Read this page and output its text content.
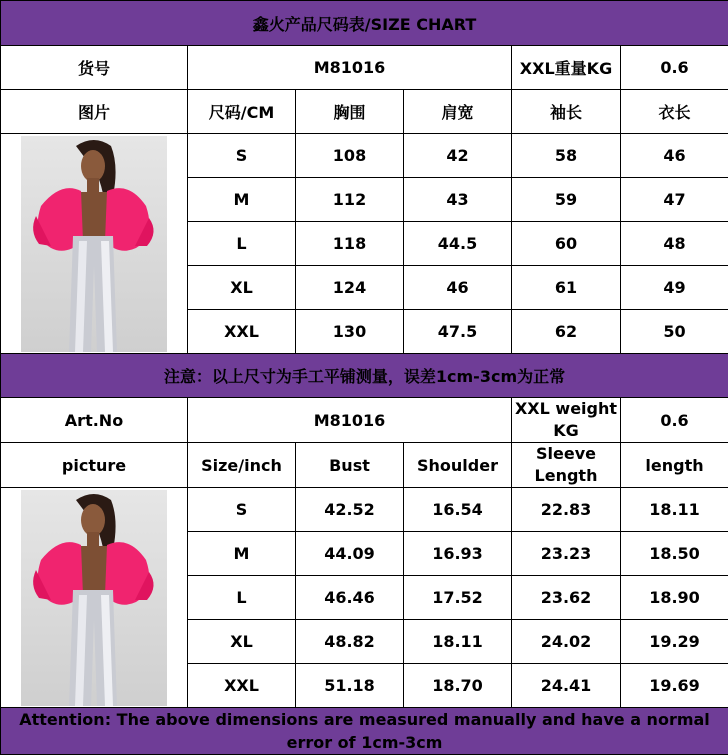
鑫火产品尺码表/SIZE CHART					
货号	M81016			XXL重量KG	0.6
图片	尺码/CM	胸围	肩宽	袖长	衣长

	S	108	42	58	46
	M	112	43	59	47
	L	118	44.5	60	48
	XL	124	46	61	49
	XXL	130	47.5	62	50
注意：以上尺寸为手工平铺测量，误差1cm-3cm为正常					
Art.No	M81016			XXL weight KG	0.6
picture	Size/inch	Bust	Shoulder	Sleeve Length	length

	S	42.52	16.54	22.83	18.11
	M	44.09	16.93	23.23	18.50
	L	46.46	17.52	23.62	18.90
	XL	48.82	18.11	24.02	19.29
	XXL	51.18	18.70	24.41	19.69
Attention: The above dimensions are measured manually and have a normal error of 1cm-3cm					
